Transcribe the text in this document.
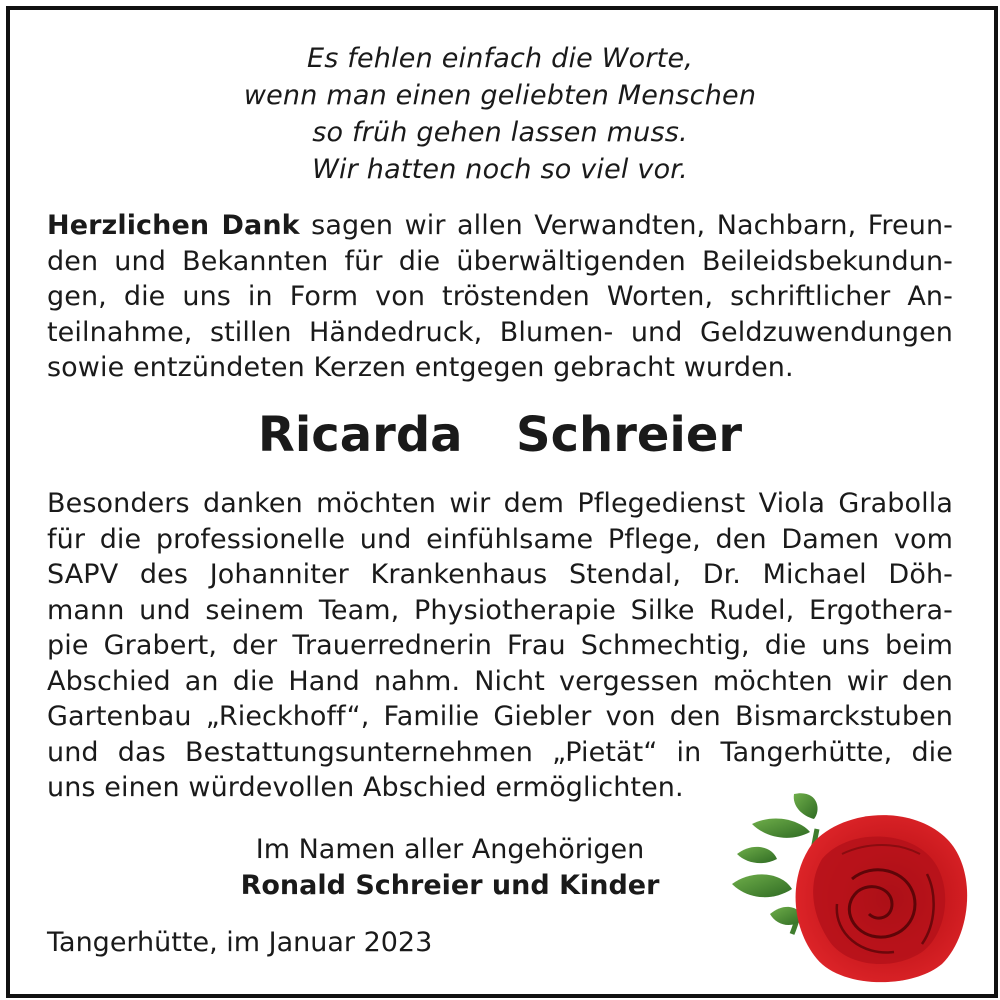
Es fehlen einfach die Worte,
wenn man einen geliebten Menschen
so früh gehen lassen muss.
Wir hatten noch so viel vor.
Herzlichen Dank sagen wir allen Verwandten, Nachbarn, Freun-
den und Bekannten für die überwältigenden Beileidsbekundun-
gen, die uns in Form von tröstenden Worten, schriftlicher An-
teilnahme, stillen Händedruck, Blumen- und Geldzuwendungen
sowie entzündeten Kerzen entgegen gebracht wurden.
Ricarda  Schreier
Besonders danken möchten wir dem Pflegedienst Viola Grabolla
für die professionelle und einfühlsame Pflege, den Damen vom
SAPV des Johanniter Krankenhaus Stendal, Dr. Michael Döh-
mann und seinem Team, Physiotherapie Silke Rudel, Ergothera-
pie Grabert, der Trauerrednerin Frau Schmechtig, die uns beim
Abschied an die Hand nahm. Nicht vergessen möchten wir den
Gartenbau „Rieckhoff“, Familie Giebler von den Bismarckstuben
und das Bestattungsunternehmen „Pietät“ in Tangerhütte, die
uns einen würdevollen Abschied ermöglichten.
Im Namen aller Angehörigen
Ronald Schreier und Kinder
Tangerhütte, im Januar 2023
